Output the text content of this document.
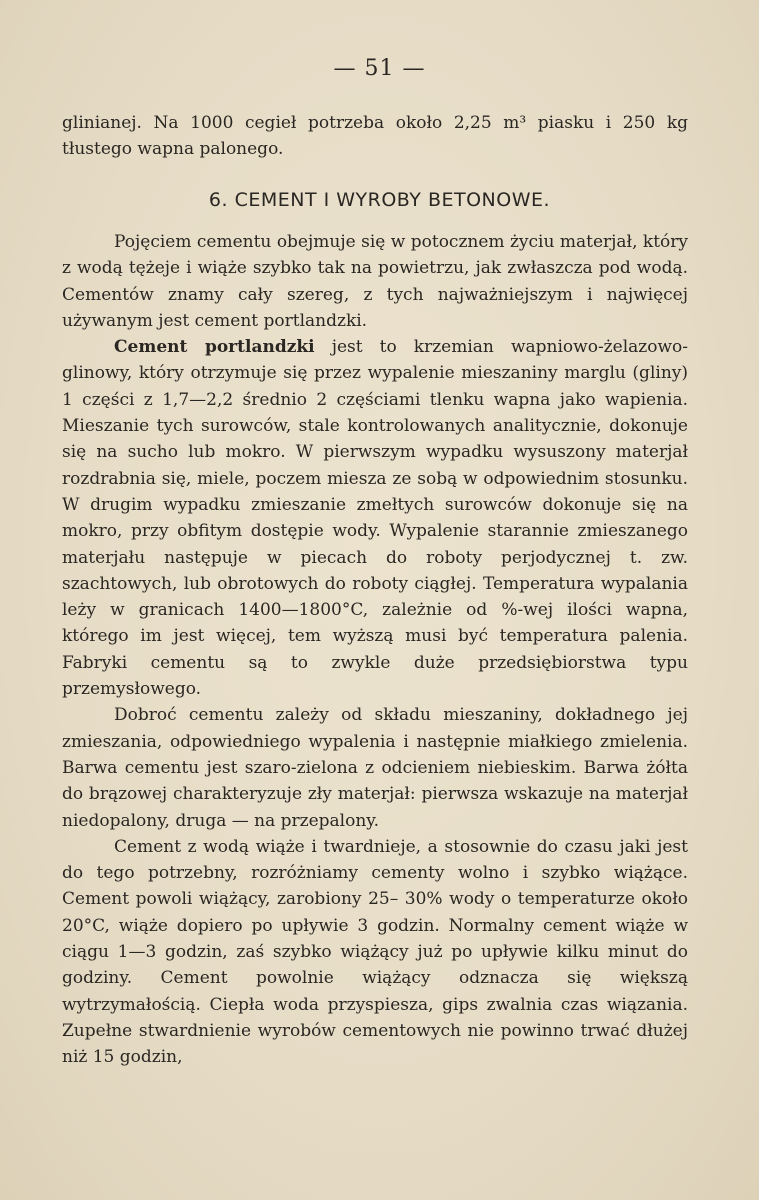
— 51 —

glinianej. Na 1000 cegieł potrzeba około 2,25 m³ piasku i 250 kg tłustego wapna palonego.

6. CEMENT I WYROBY BETONOWE.

Pojęciem cementu obejmuje się w potocznem życiu materjał, który z wodą tężeje i wiąże szybko tak na powietrzu, jak zwłaszcza pod wodą. Cementów znamy cały szereg, z tych najważniejszym i najwięcej używanym jest cement portlandzki.

Cement portlandzki jest to krzemian wapniowo-żelazowo-glinowy, który otrzymuje się przez wypalenie mieszaniny marglu (gliny) 1 części z 1,7—2,2 średnio 2 częściami tlenku wapna jako wapienia. Mieszanie tych surowców, stale kontrolowanych analitycznie, dokonuje się na sucho lub mokro. W pierwszym wypadku wysuszony materjał rozdrabnia się, miele, poczem miesza ze sobą w odpowiednim stosunku. W drugim wypadku zmieszanie zmełtych surowców dokonuje się na mokro, przy obfitym dostępie wody. Wypalenie starannie zmieszanego materjału następuje w piecach do roboty perjodycznej t. zw. szachtowych, lub obrotowych do roboty ciągłej. Temperatura wypalania leży w granicach 1400—1800°C, zależnie od %-wej ilości wapna, którego im jest więcej, tem wyższą musi być temperatura palenia. Fabryki cementu są to zwykle duże przedsiębiorstwa typu przemysłowego.

Dobroć cementu zależy od składu mieszaniny, dokładnego jej zmieszania, odpowiedniego wypalenia i następnie miałkiego zmielenia. Barwa cementu jest szaro-zielona z odcieniem niebieskim. Barwa żółta do brązowej charakteryzuje zły materjał: pierwsza wskazuje na materjał niedopalony, druga — na przepalony.

Cement z wodą wiąże i twardnieje, a stosownie do czasu jaki jest do tego potrzebny, rozróżniamy cementy wolno i szybko wiążące. Cement powoli wiążący, zarobiony 25– 30% wody o temperaturze około 20°C, wiąże dopiero po upływie 3 godzin. Normalny cement wiąże w ciągu 1—3 godzin, zaś szybko wiążący już po upływie kilku minut do godziny. Cement powolnie wiążący odznacza się większą wytrzymałością. Ciepła woda przyspiesza, gips zwalnia czas wiązania. Zupełne stwardnienie wyrobów cementowych nie powinno trwać dłużej niż 15 godzin,
